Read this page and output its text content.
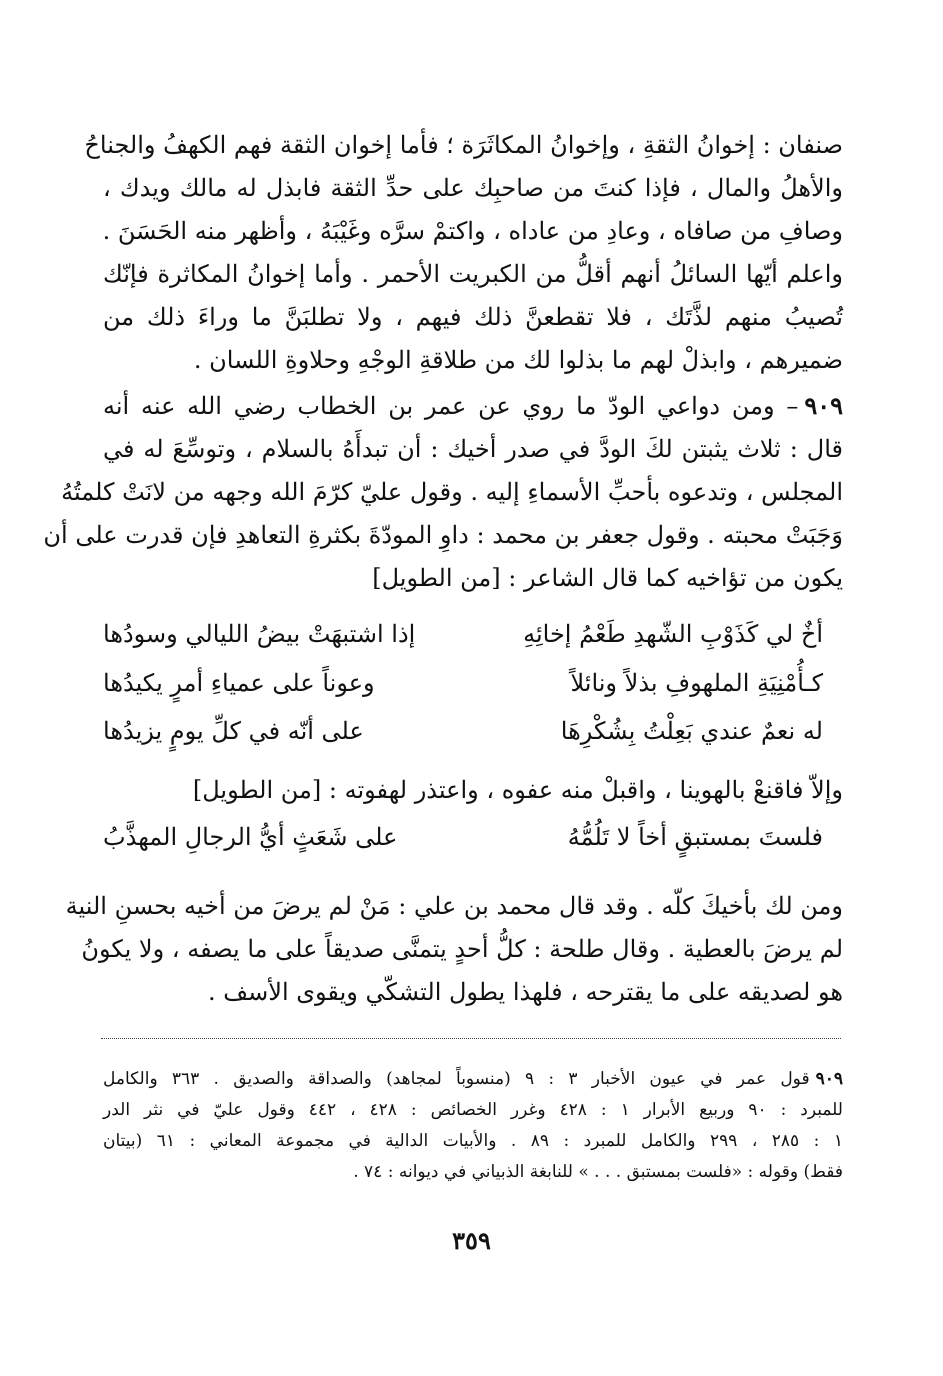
صنفان : إخوانُ الثقةِ ، وإخوانُ المكاثَرَة ؛ فأما إخوان الثقة فهم الكهفُ والجناحُ
والأهلُ والمال ، فإذا كنتَ من صاحبِك على حدِّ الثقة فابذل له مالك ويدك ،
وصافِ من صافاه ، وعادِ من عاداه ، واكتمْ سرَّه وغَيْبَهُ ، وأظهر منه الحَسَنَ .
واعلم أيّها السائلُ أنهم أقلُّ من الكبريت الأحمر . وأما إخوانُ المكاثرة فإنّك
تُصيبُ منهم لذَّتَك ، فلا تقطعنَّ ذلك فيهم ، ولا تطلبَنَّ ما وراءَ ذلك من
ضميرهم ، وابذلْ لهم ما بذلوا لك من طلاقةِ الوجْهِ وحلاوةِ اللسان .
٩٠٩– ومن دواعي الودّ ما روي عن عمر بن الخطاب رضي الله عنه أنه
قال : ثلاث يثبتن لكَ الودَّ في صدر أخيك : أن تبدأَهُ بالسلام ، وتوسِّعَ له في
المجلس ، وتدعوه بأحبِّ الأسماءِ إليه . وقول عليّ كرّمَ الله وجهه من لانَتْ كلمتُهُ
وَجَبَتْ محبته . وقول جعفر بن محمد : داوِ المودّةَ بكثرةِ التعاهدِ فإن قدرت على أن
يكون من تؤاخيه كما قال الشاعر : [من الطويل]
أخٌ لي كَذَوْبِ الشّهدِ طَعْمُ إخائِهِ
إذا اشتبهَتْ بيضُ الليالي وسودُها
كـأُمْنِيَةِ الملهوفِ بذلاً ونائلاً
وعوناً على عمياءِ أمرٍ يكيدُها
له نعمٌ عندي بَعِلْتُ بِشُكْرِهَا
على أنّه في كلِّ يومٍ يزيدُها
وإلاّ فاقنعْ بالهوينا ، واقبلْ منه عفوه ، واعتذر لهفوته : [من الطويل]
فلستَ بمستبقٍ أخاً لا تَلُمُّهُ
على شَعَثٍ أيُّ الرجالِ المهذَّبُ
ومن لك بأخيكَ كلّه . وقد قال محمد بن علي : مَنْ لم يرضَ من أخيه بحسنِ النية
لم يرضَ بالعطية . وقال طلحة : كلُّ أحدٍ يتمنَّى صديقاً على ما يصفه ، ولا يكونُ
هو لصديقه على ما يقترحه ، فلهذا يطول التشكّي ويقوى الأسف .
٩٠٩قول عمر في عيون الأخبار ٣ : ٩ (منسوباً لمجاهد) والصداقة والصديق . ٣٦٣ والكامل
للمبرد : ٩٠ وربيع الأبرار ١ : ٤٢٨ وغرر الخصائص : ٤٢٨ ، ٤٤٢ وقول عليّ في نثر الدر
١ : ٢٨٥ ، ٢٩٩ والكامل للمبرد : ٨٩ . والأبيات الدالية في مجموعة المعاني : ٦١ (بيتان
فقط) وقوله : «فلست بمستبق . . . » للنابغة الذبياني في ديوانه : ٧٤ .
٣٥٩
